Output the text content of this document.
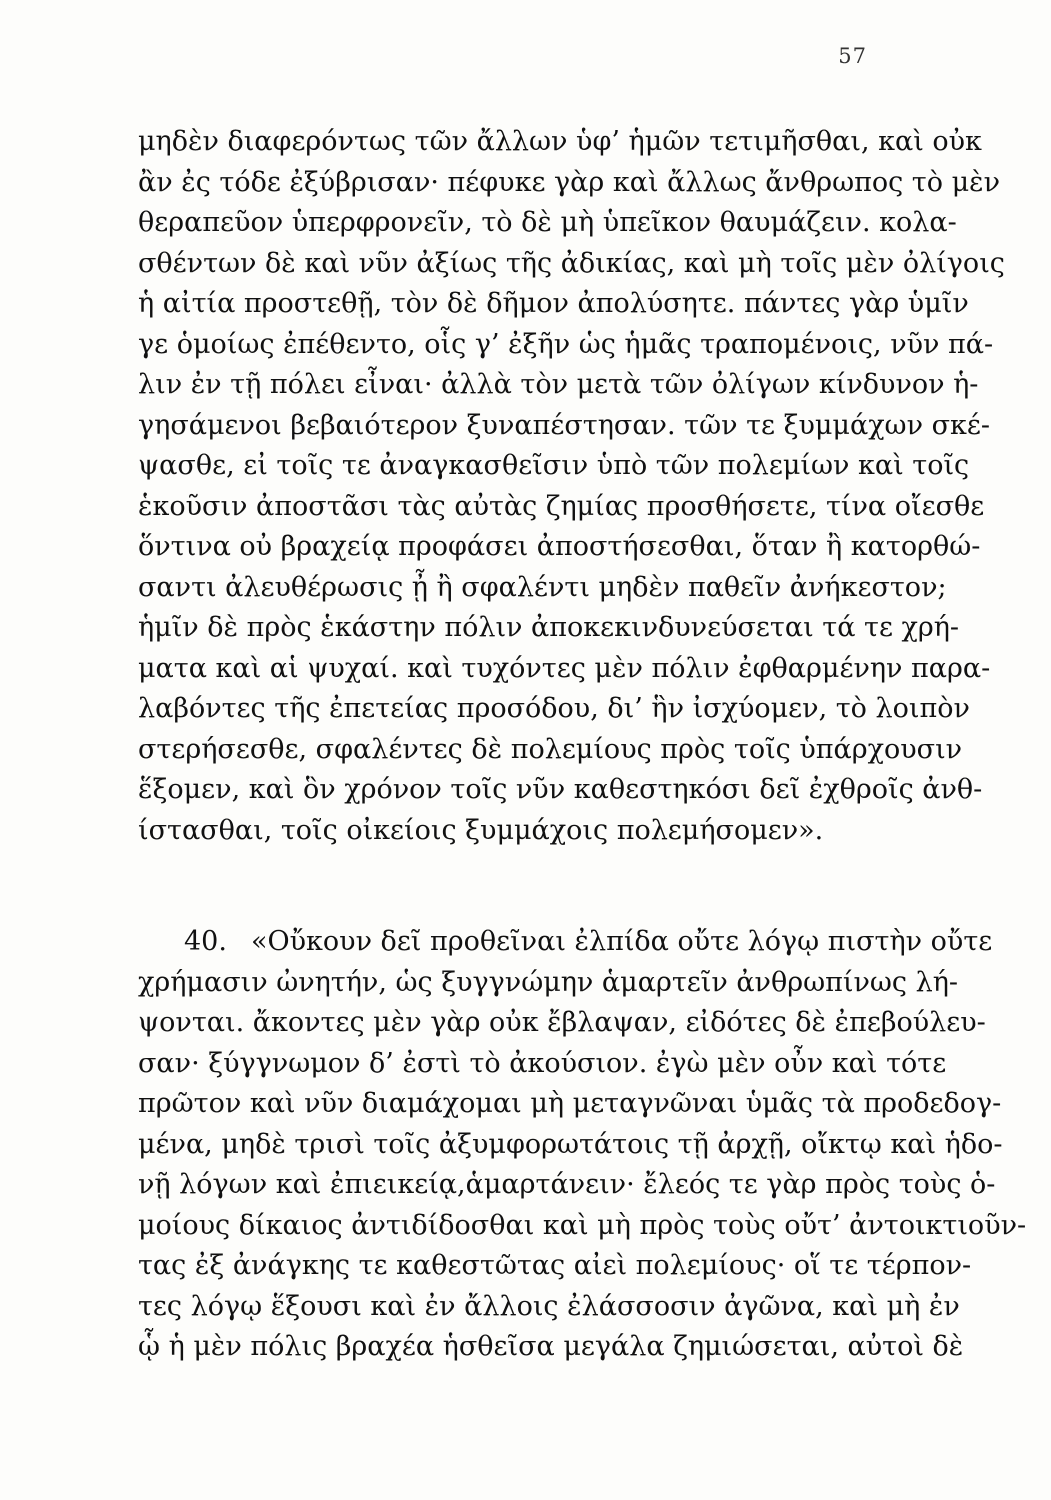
57
μηδὲν διαφερόντως τῶν ἄλλων ὑφ’ ἡμῶν τετιμῆσθαι, καὶ οὐκ
ἂν ἐς τόδε ἐξύβρισαν· πέφυκε γὰρ καὶ ἄλλως ἄνθρωπος τὸ μὲν
θεραπεῦον ὑπερφρονεῖν, τὸ δὲ μὴ ὑπεῖκον θαυμάζειν. κολα-
σθέντων δὲ καὶ νῦν ἀξίως τῆς ἀδικίας, καὶ μὴ τοῖς μὲν ὀλίγοις
ἡ αἰτία προστεθῇ, τὸν δὲ δῆμον ἀπολύσητε. πάντες γὰρ ὑμῖν
γε ὁμοίως ἐπέθεντο, οἷς γ’ ἐξῆν ὡς ἡμᾶς τραπομένοις, νῦν πά-
λιν ἐν τῇ πόλει εἶναι· ἀλλὰ τὸν μετὰ τῶν ὀλίγων κίνδυνον ἡ-
γησάμενοι βεβαιότερον ξυναπέστησαν. τῶν τε ξυμμάχων σκέ-
ψασθε, εἰ τοῖς τε ἀναγκασθεῖσιν ὑπὸ τῶν πολεμίων καὶ τοῖς
ἑκοῦσιν ἀποστᾶσι τὰς αὐτὰς ζημίας προσθήσετε, τίνα οἴεσθε
ὅντινα οὐ βραχείᾳ προφάσει ἀποστήσεσθαι, ὅταν ἢ κατορθώ-
σαντι ἀλευθέρωσις ᾖ ἢ σφαλέντι μηδὲν παθεῖν ἀνήκεστον;
ἡμῖν δὲ πρὸς ἑκάστην πόλιν ἀποκεκινδυνεύσεται τά τε χρή-
ματα καὶ αἱ ψυχαί. καὶ τυχόντες μὲν πόλιν ἐφθαρμένην παρα-
λαβόντες τῆς ἐπετείας προσόδου, δι’ ἣν ἰσχύομεν, τὸ λοιπὸν
στερήσεσθε, σφαλέντες δὲ πολεμίους πρὸς τοῖς ὑπάρχουσιν
ἕξομεν, καὶ ὃν χρόνον τοῖς νῦν καθεστηκόσι δεῖ ἐχθροῖς ἀνθ-
ίστασθαι, τοῖς οἰκείοις ξυμμάχοις πολεμήσομεν».
40. «Οὔκουν δεῖ προθεῖναι ἐλπίδα οὔτε λόγῳ πιστὴν οὔτε
χρήμασιν ὠνητήν, ὡς ξυγγνώμην ἁμαρτεῖν ἀνθρωπίνως λή-
ψονται. ἄκοντες μὲν γὰρ οὐκ ἔβλαψαν, εἰδότες δὲ ἐπεβούλευ-
σαν· ξύγγνωμον δ’ ἐστὶ τὸ ἀκούσιον. ἐγὼ μὲν οὖν καὶ τότε
πρῶτον καὶ νῦν διαμάχομαι μὴ μεταγνῶναι ὑμᾶς τὰ προδεδογ-
μένα, μηδὲ τρισὶ τοῖς ἀξυμφορωτάτοις τῇ ἀρχῇ, οἴκτῳ καὶ ἡδο-
νῇ λόγων καὶ ἐπιεικείᾳ,ἁμαρτάνειν· ἔλεός τε γὰρ πρὸς τοὺς ὁ-
μοίους δίκαιος ἀντιδίδοσθαι καὶ μὴ πρὸς τοὺς οὔτ’ ἀντοικτιοῦν-
τας ἐξ ἀνάγκης τε καθεστῶτας αἰεὶ πολεμίους· οἵ τε τέρπον-
τες λόγῳ ἕξουσι καὶ ἐν ἄλλοις ἐλάσσοσιν ἀγῶνα, καὶ μὴ ἐν
ᾧ ἡ μὲν πόλις βραχέα ἡσθεῖσα μεγάλα ζημιώσεται, αὐτοὶ δὲ
